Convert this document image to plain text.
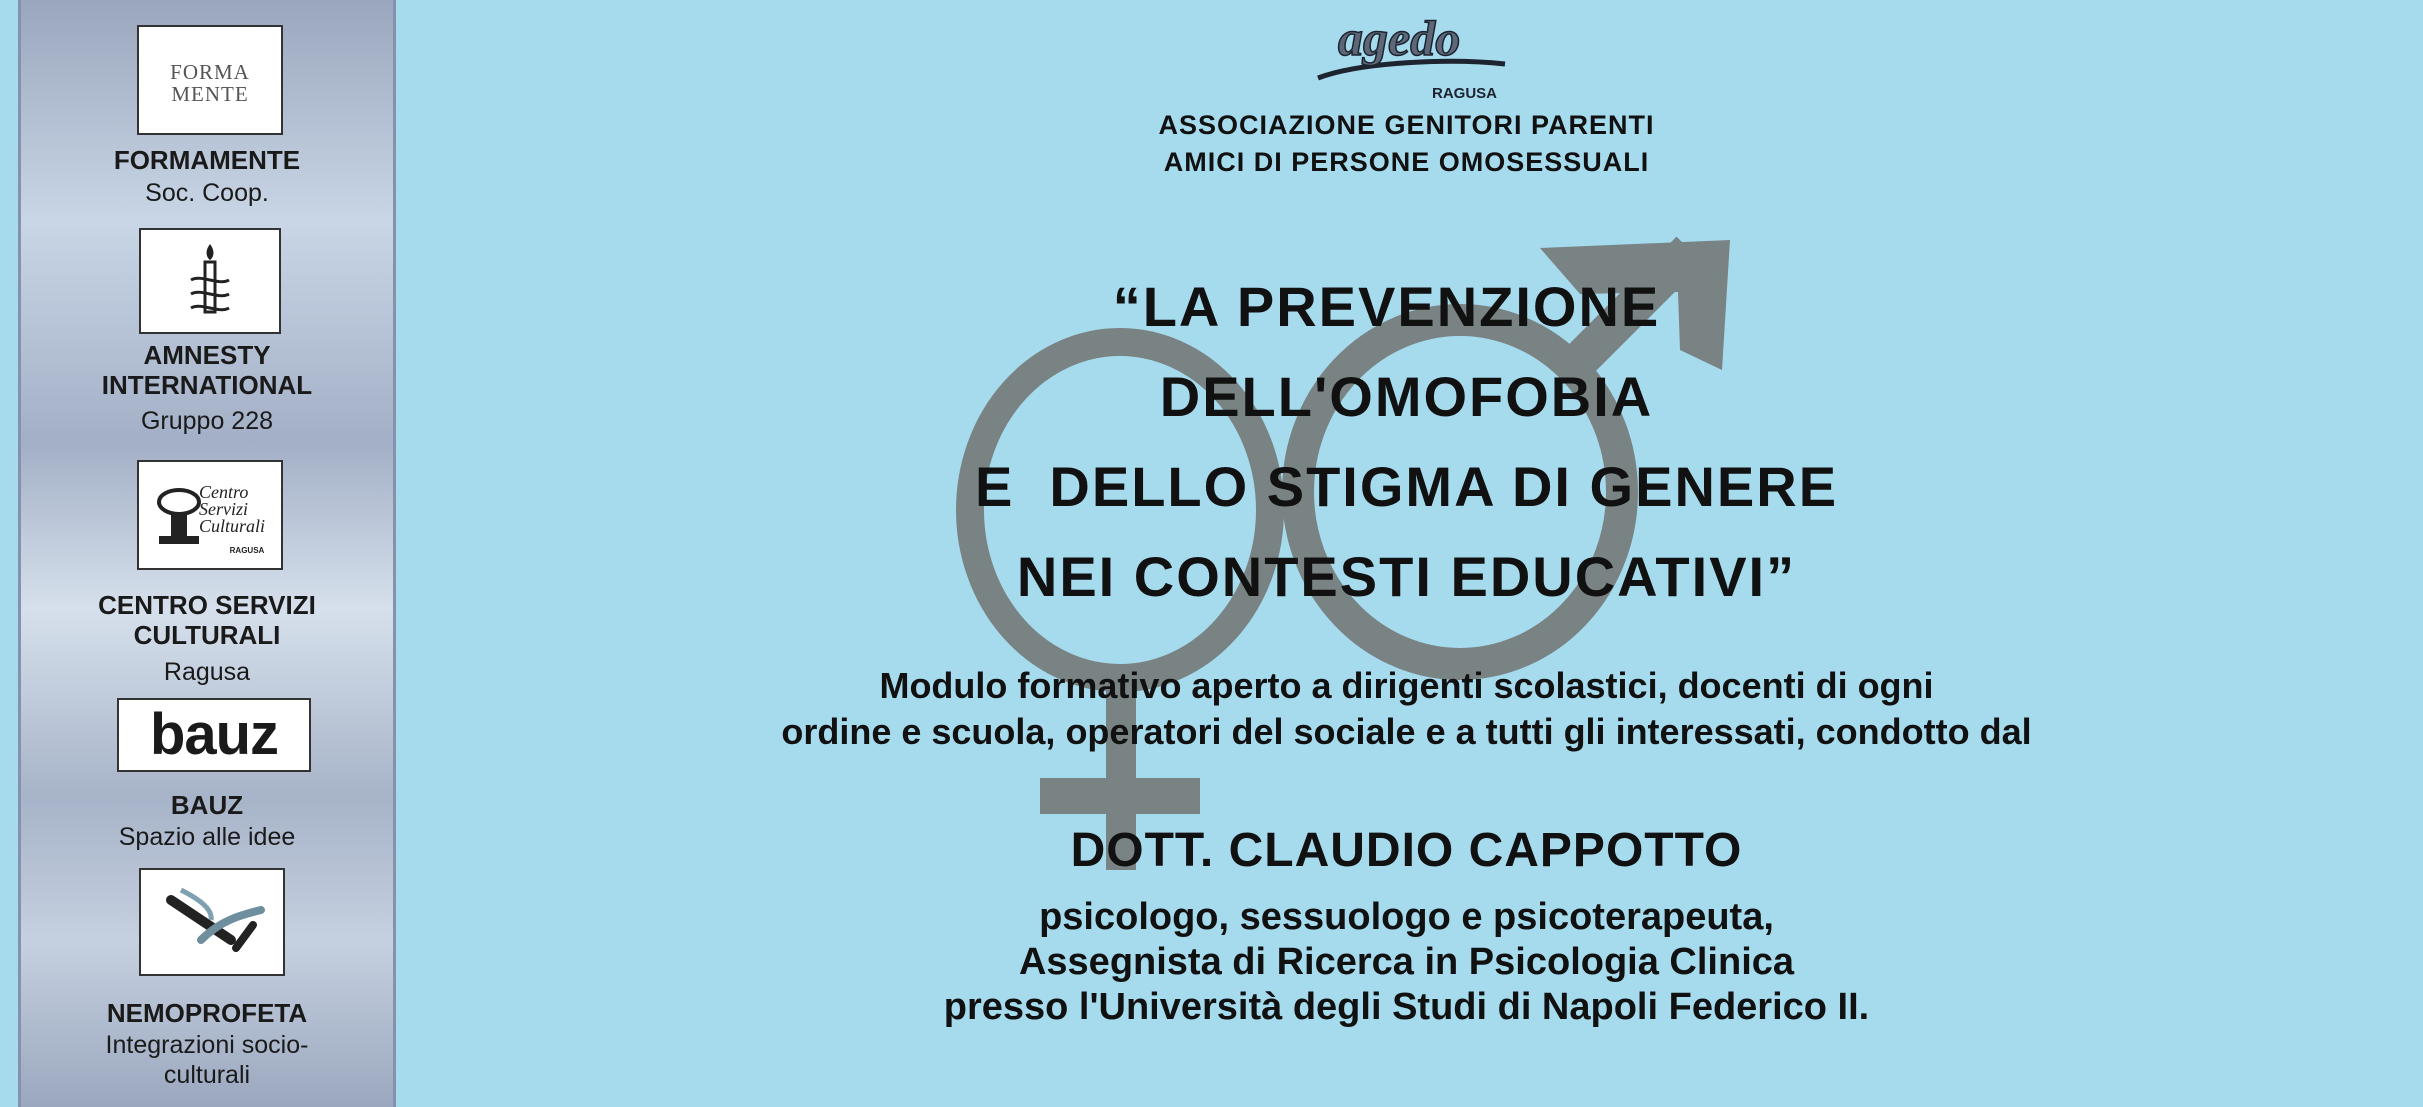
FORMA MENTE
FORMAMENTE
Soc. Coop.
AMNESTY INTERNATIONAL
Gruppo 228
Centro Servizi Culturali
RAGUSA
CENTRO SERVIZI CULTURALI
Ragusa
bauz
BAUZ
Spazio alle idee
NEMOPROFETA
Integrazioni socio-culturali
agedo
RAGUSA
ASSOCIAZIONE GENITORI PARENTI
AMICI DI PERSONE OMOSESSUALI
“LA PREVENZIONE
DELL'OMOFOBIA
E  DELLO STIGMA DI GENERE
NEI CONTESTI EDUCATIVI”
Modulo formativo aperto a dirigenti scolastici, docenti di ogni
ordine e scuola, operatori del sociale e a tutti gli interessati, condotto dal
DOTT. CLAUDIO CAPPOTTO
psicologo, sessuologo e psicoterapeuta,
Assegnista di Ricerca in Psicologia Clinica
presso l'Università degli Studi di Napoli Federico II.
